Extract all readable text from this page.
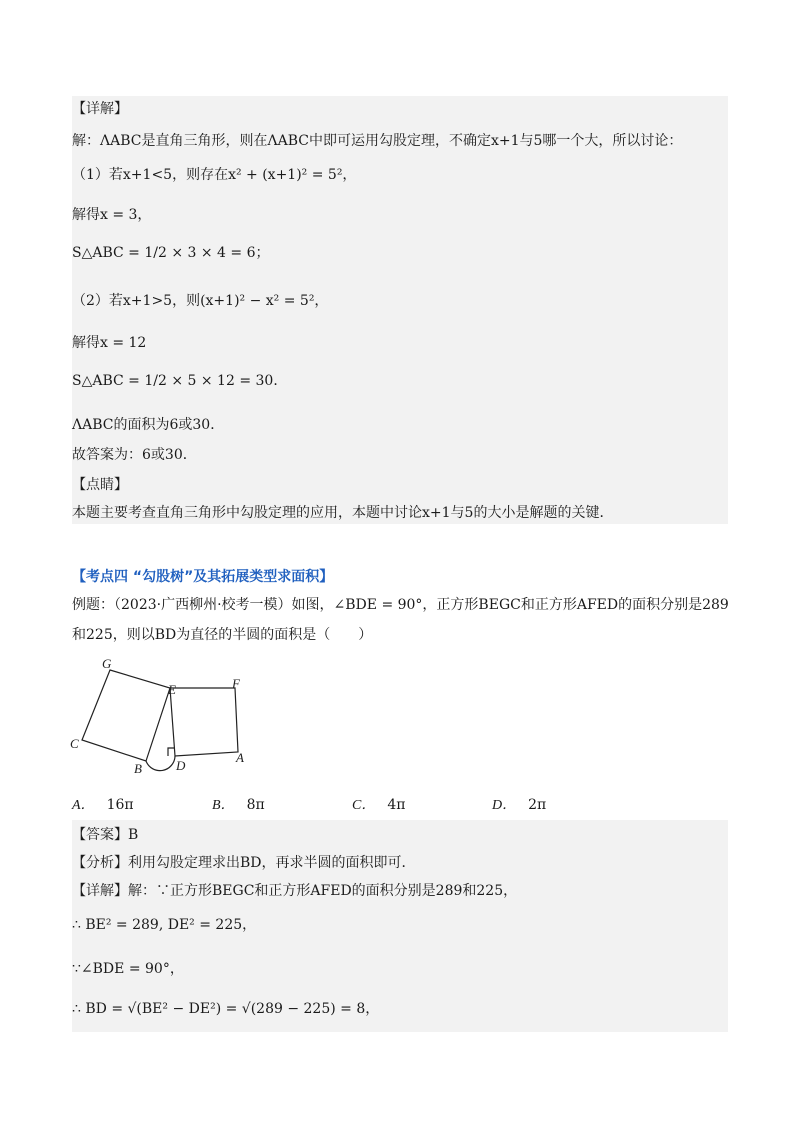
【详解】
解：ΛABC是直角三角形，则在ΛABC中即可运用勾股定理，不确定x+1与5哪一个大，所以讨论：
（1）若x+1<5，则存在x² + (x+1)² = 5²，
解得x = 3，
S△ABC = 1/2 × 3 × 4 = 6；
（2）若x+1>5，则(x+1)² − x² = 5²，
解得x = 12
S△ABC = 1/2 × 5 × 12 = 30．
ΛABC的面积为6或30．
故答案为：6或30．
【点睛】
本题主要考查直角三角形中勾股定理的应用，本题中讨论x+1与5的大小是解题的关键．
【考点四 “勾股树”及其拓展类型求面积】
例题：（2023·广西柳州·校考一模）如图，∠BDE = 90°，正方形BEGC和正方形AFED的面积分别是289
和225，则以BD为直径的半圆的面积是（　　）
G
E	F
C
B	D
A
A． 16π	B． 8π	C． 4π	D． 2π
【答案】B
【分析】利用勾股定理求出BD，再求半圆的面积即可．
【详解】解：∵正方形BEGC和正方形AFED的面积分别是289和225，
∴ BE² = 289, DE² = 225，
∵∠BDE = 90°，
∴ BD = √(BE² − DE²) = √(289 − 225) = 8，
